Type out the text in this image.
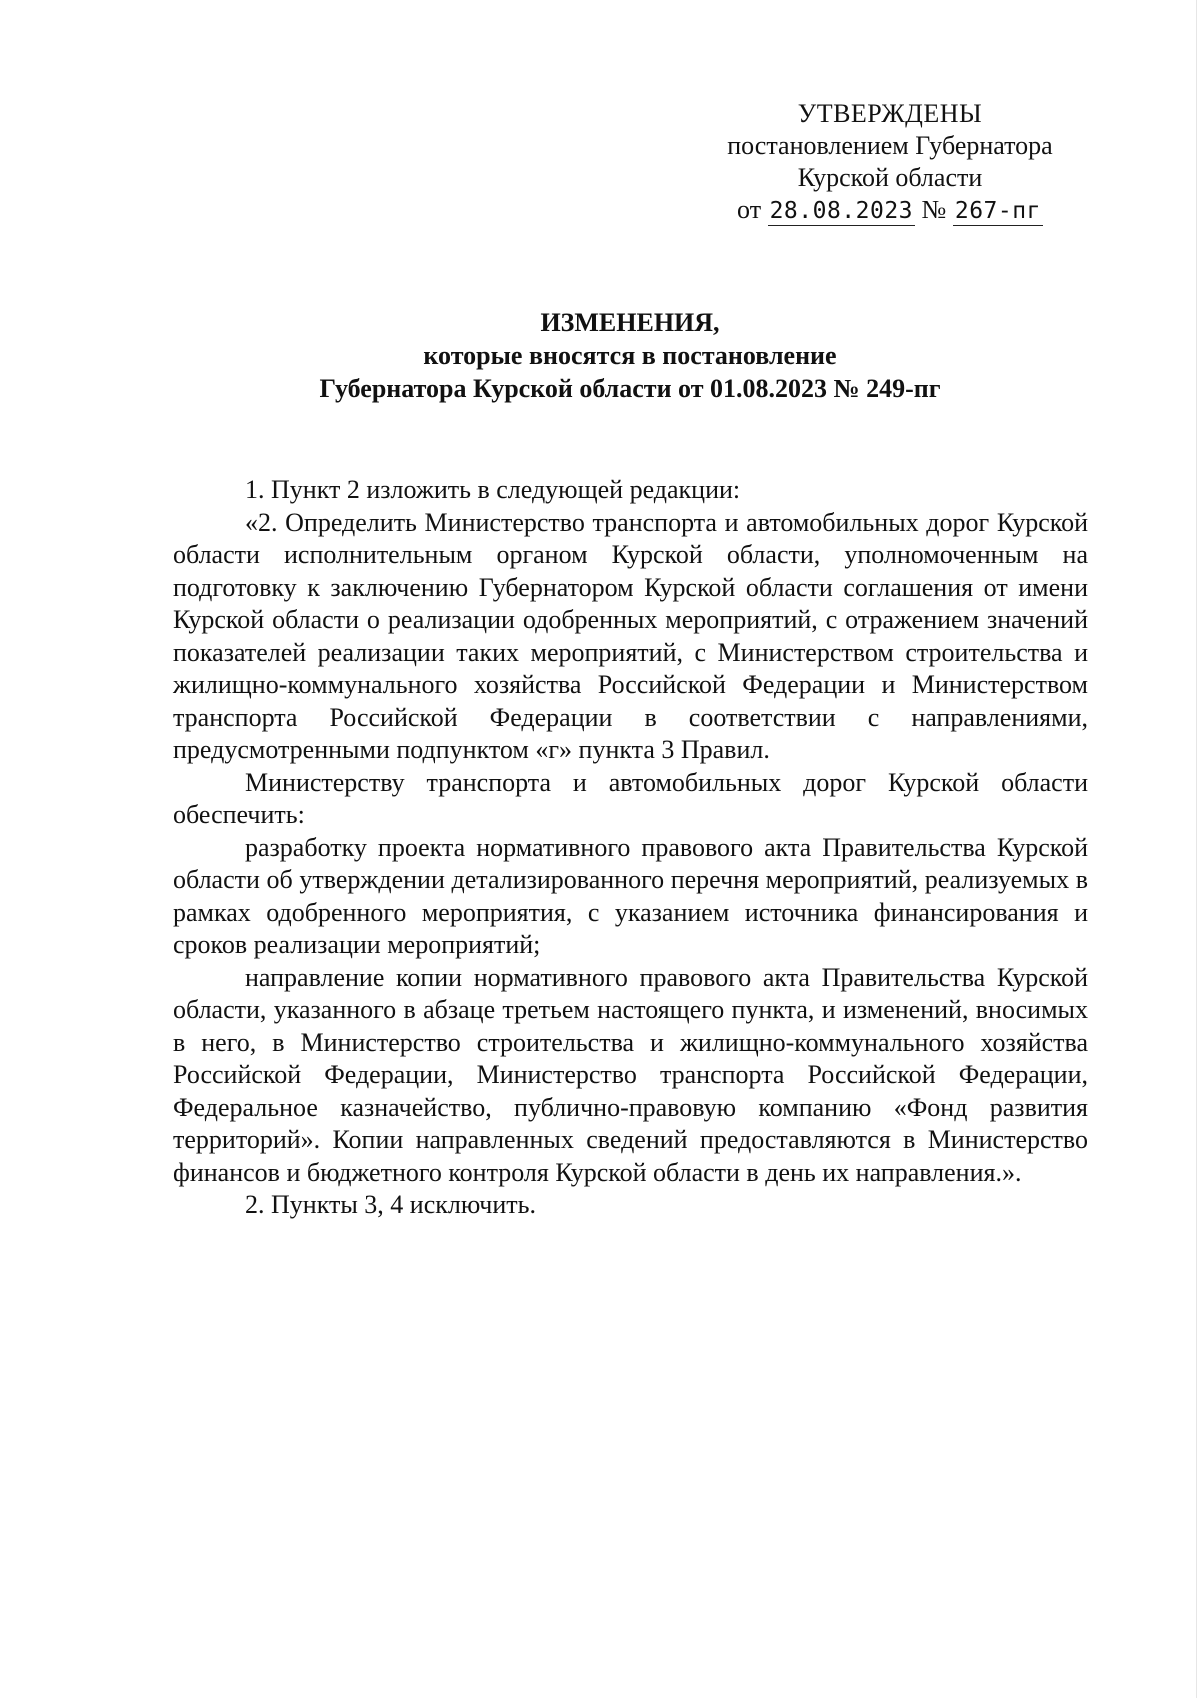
УТВЕРЖДЕНЫ
постановлением Губернатора
Курской области
от 28.08.2023 № 267-пг
ИЗМЕНЕНИЯ,
которые вносятся в постановление
Губернатора Курской области от 01.08.2023 № 249-пг

1. Пункт 2 изложить в следующей редакции:

«2. Определить Министерство транспорта и автомобильных дорог Курской области исполнительным органом Курской области, уполномоченным на подготовку к заключению Губернатором Курской области соглашения от имени Курской области о реализации одобренных мероприятий, с отражением значений показателей реализации таких мероприятий, с Министерством строительства и жилищно-коммунального хозяйства Российской Федерации и Министерством транспорта Российской Федерации в соответствии с направлениями, предусмотренными подпунктом «г» пункта 3 Правил.

Министерству транспорта и автомобильных дорог Курской области обеспечить:

разработку проекта нормативного правового акта Правительства Курской области об утверждении детализированного перечня мероприятий, реализуемых в рамках одобренного мероприятия, с указанием источника финансирования и сроков реализации мероприятий;

направление копии нормативного правового акта Правительства Курской области, указанного в абзаце третьем настоящего пункта, и изменений, вносимых в него, в Министерство строительства и жилищно-коммунального хозяйства Российской Федерации, Министерство транспорта Российской Федерации, Федеральное казначейство, публично-правовую компанию «Фонд развития территорий». Копии направленных сведений предоставляются в Министерство финансов и бюджетного контроля Курской области в день их направления.».

2. Пункты 3, 4 исключить.
